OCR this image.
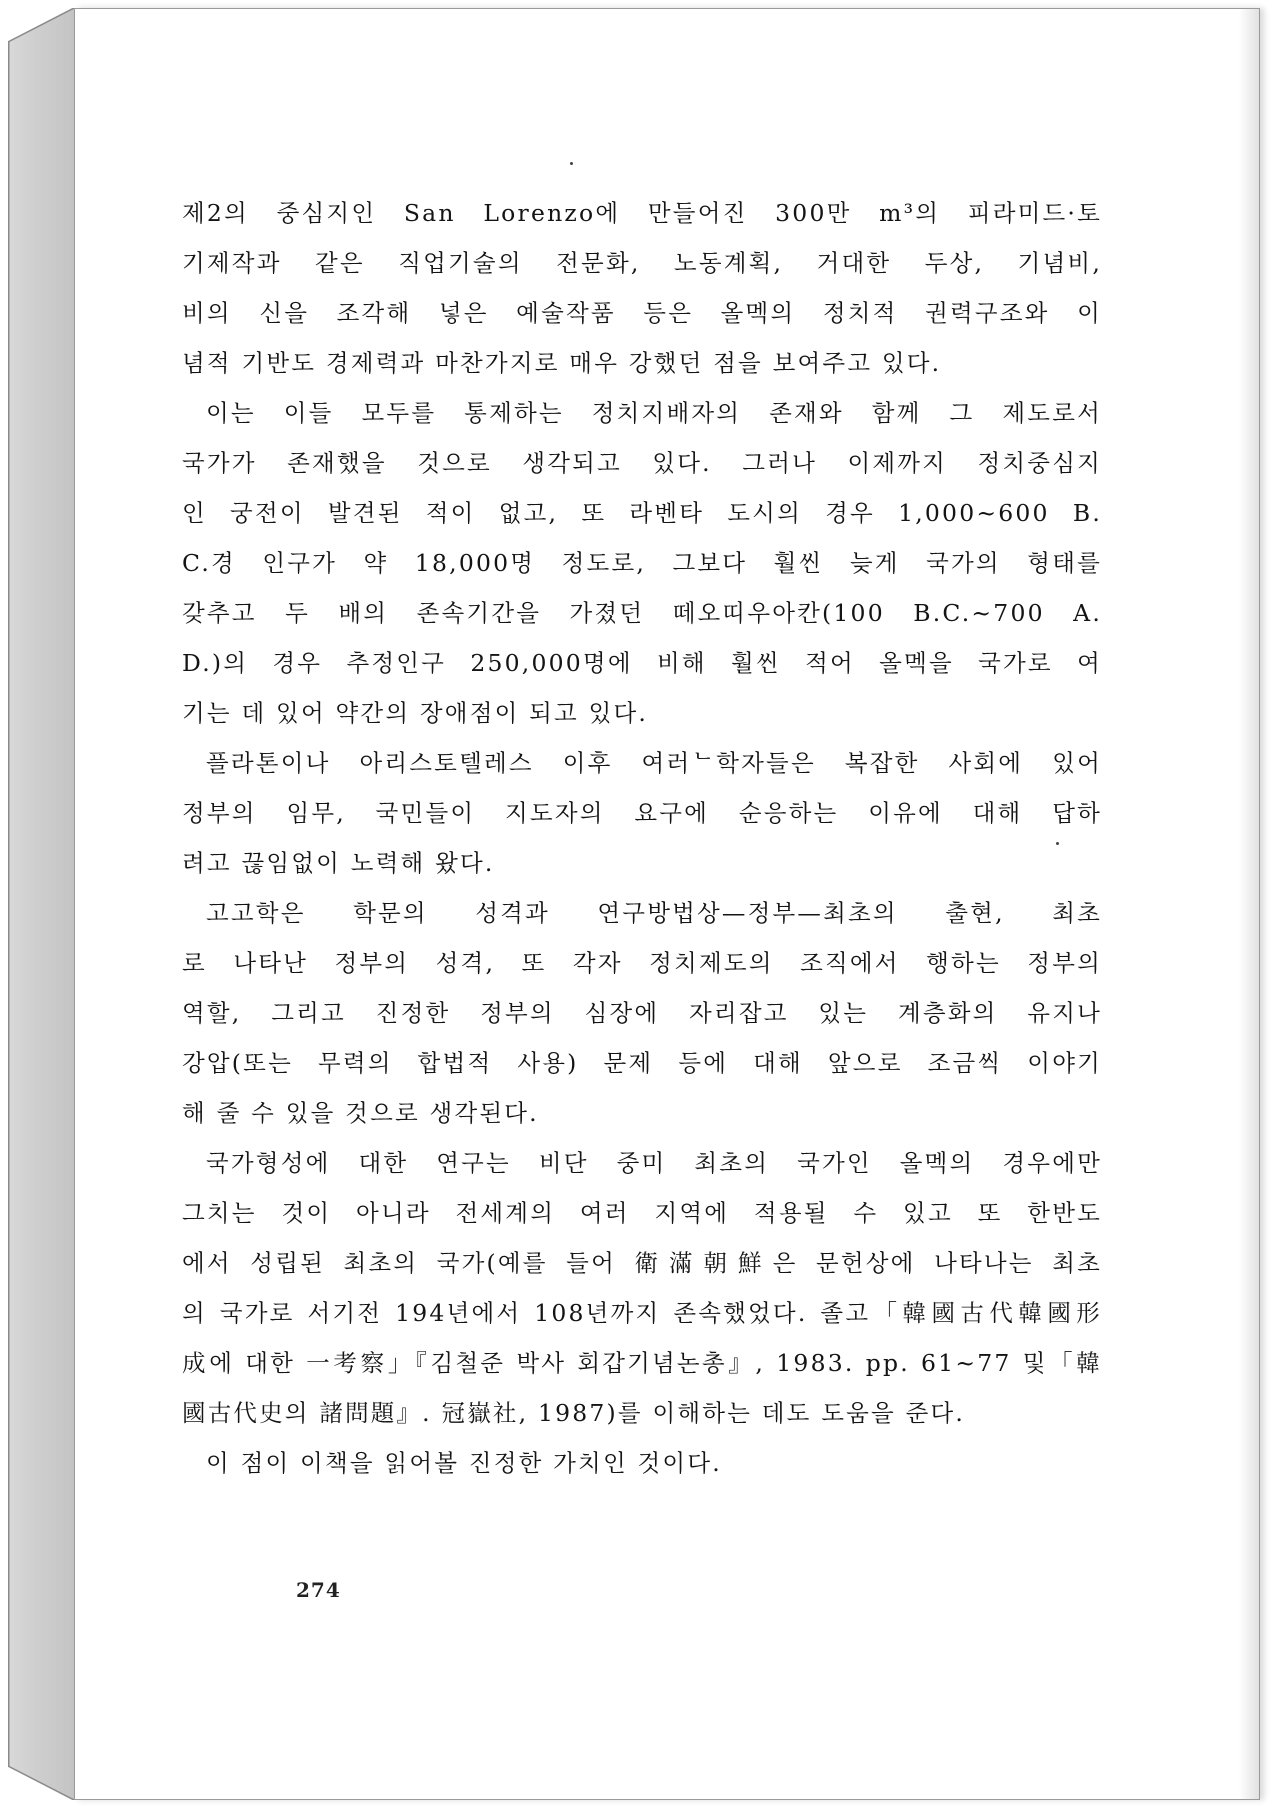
제2의 중심지인 San Lorenzo에 만들어진 300만 m³의 피라미드·토
기제작과 같은 직업기술의 전문화, 노동계획, 거대한 두상, 기념비,
비의 신을 조각해 넣은 예술작품 등은 올멕의 정치적 권력구조와 이
념적 기반도 경제력과 마찬가지로 매우 강했던 점을 보여주고 있다.

이는 이들 모두를 통제하는 정치지배자의 존재와 함께 그 제도로서
국가가 존재했을 것으로 생각되고 있다. 그러나 이제까지 정치중심지
인 궁전이 발견된 적이 없고, 또 라벤타 도시의 경우 1,000~600 B.
C.경 인구가 약 18,000명 정도로, 그보다 훨씬 늦게 국가의 형태를
갖추고 두 배의 존속기간을 가졌던 떼오띠우아칸(100 B.C.~700 A.
D.)의 경우 추정인구 250,000명에 비해 훨씬 적어 올멕을 국가로 여
기는 데 있어 약간의 장애점이 되고 있다.

플라톤이나 아리스토텔레스 이후 여러ᄂ학자들은 복잡한 사회에 있어
정부의 임무, 국민들이 지도자의 요구에 순응하는 이유에 대해 답하
려고 끊임없이 노력해 왔다.

고고학은 학문의 성격과 연구방법상—정부—최초의 출현, 최초
로 나타난 정부의 성격, 또 각자 정치제도의 조직에서 행하는 정부의
역할, 그리고 진정한 정부의 심장에 자리잡고 있는 계층화의 유지나
강압(또는 무력의 합법적 사용) 문제 등에 대해 앞으로 조금씩 이야기
해 줄 수 있을 것으로 생각된다.

국가형성에 대한 연구는 비단 중미 최초의 국가인 올멕의 경우에만
그치는 것이 아니라 전세계의 여러 지역에 적용될 수 있고 또 한반도
에서 성립된 최초의 국가(예를 들어 衛滿朝鮮은 문헌상에 나타나는 최초
의 국가로 서기전 194년에서 108년까지 존속했었다. 졸고「韓國古代韓國形
成에 대한 一考察」『김철준 박사 회갑기념논총』, 1983. pp. 61~77 및「韓
國古代史의 諸問題』. 冠嶽社, 1987)를 이해하는 데도 도움을 준다.

이 점이 이책을 읽어볼 진정한 가치인 것이다.

274
